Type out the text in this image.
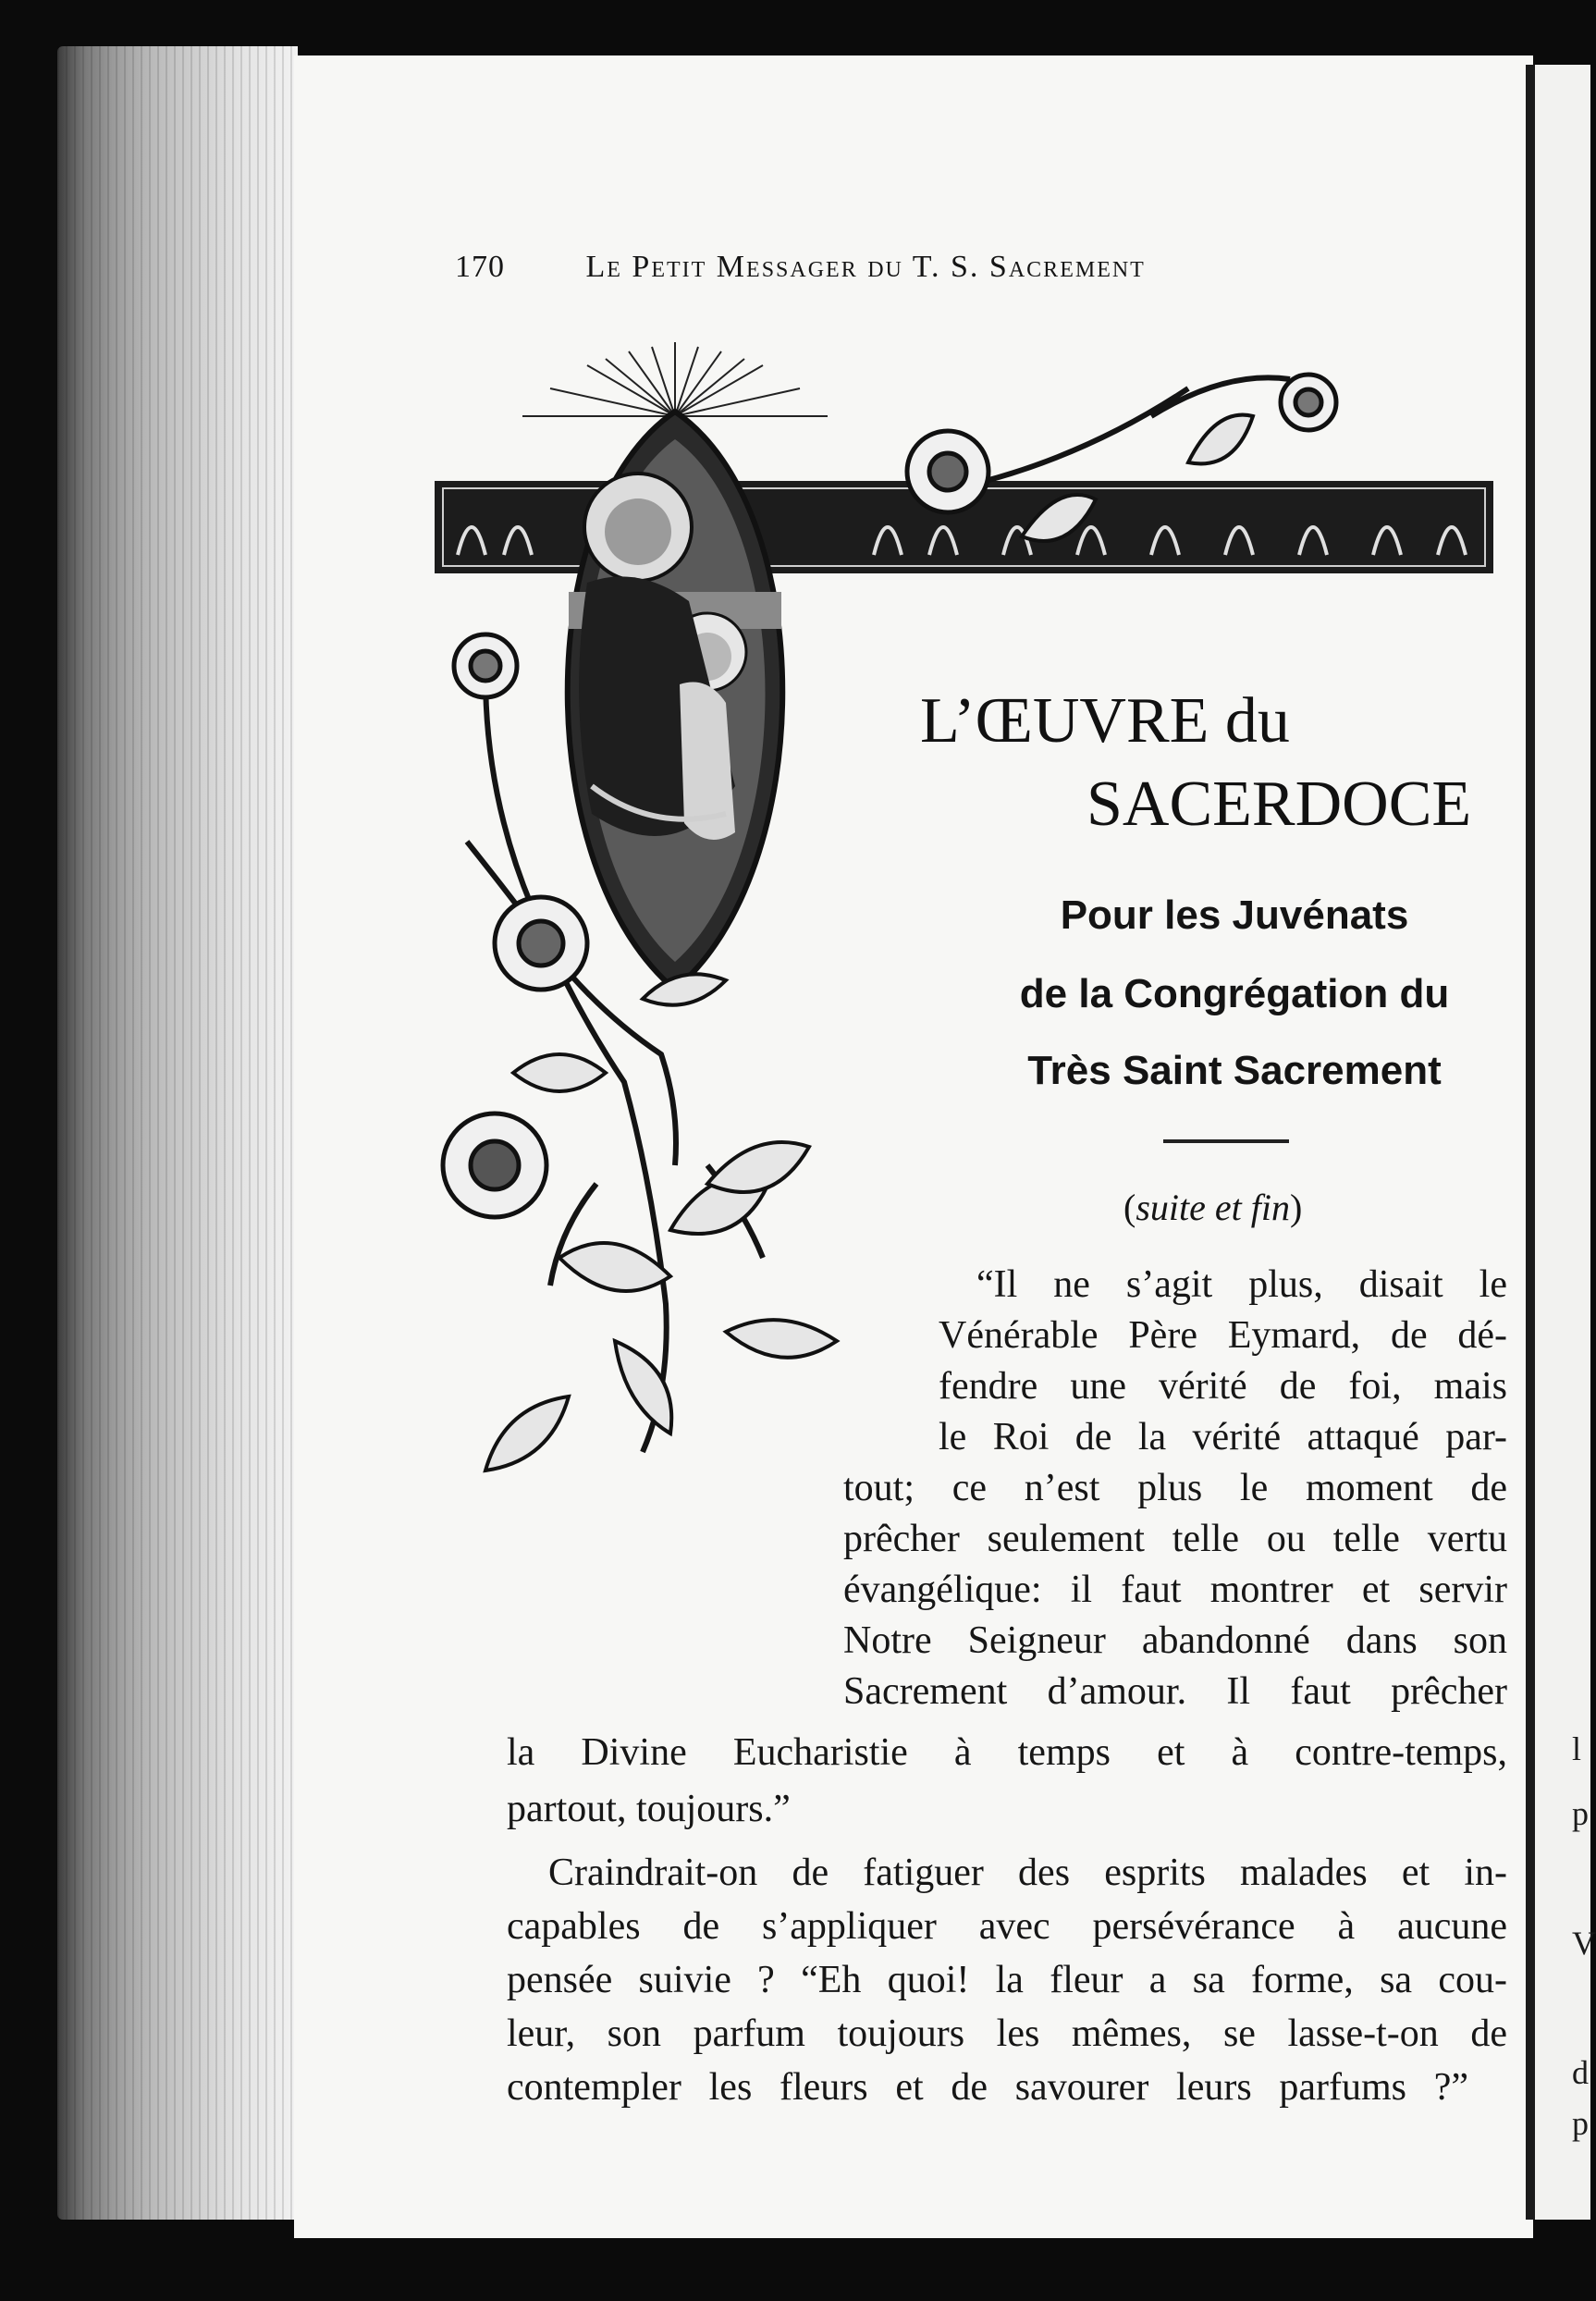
l
p
V
d
p
170	Le Petit Messager du T. S. Sacrement
L’ŒUVRE du
SACERDOCE
Pour les Juvénats
de la Congrégation du
Très Saint Sacrement
(suite et fin)
“Il ne s’agit plus, disait le
Vénérable Père Eymard, de dé-
fendre une vérité de foi, mais
le Roi de la vérité attaqué par-
tout; ce n’est plus le moment de
prêcher seulement telle ou telle vertu
évangélique: il faut montrer et servir
Notre Seigneur abandonné dans son
Sacrement d’amour. Il faut prêcher
la Divine Eucharistie à temps et à contre-temps,
partout, toujours.”
Craindrait-on de fatiguer des esprits malades et in-
capables de s’appliquer avec persévérance à aucune
pensée suivie ? “Eh quoi! la fleur a sa forme, sa cou-
leur, son parfum toujours les mêmes, se lasse-t-on de
contempler les fleurs et de savourer leurs parfums ?”
